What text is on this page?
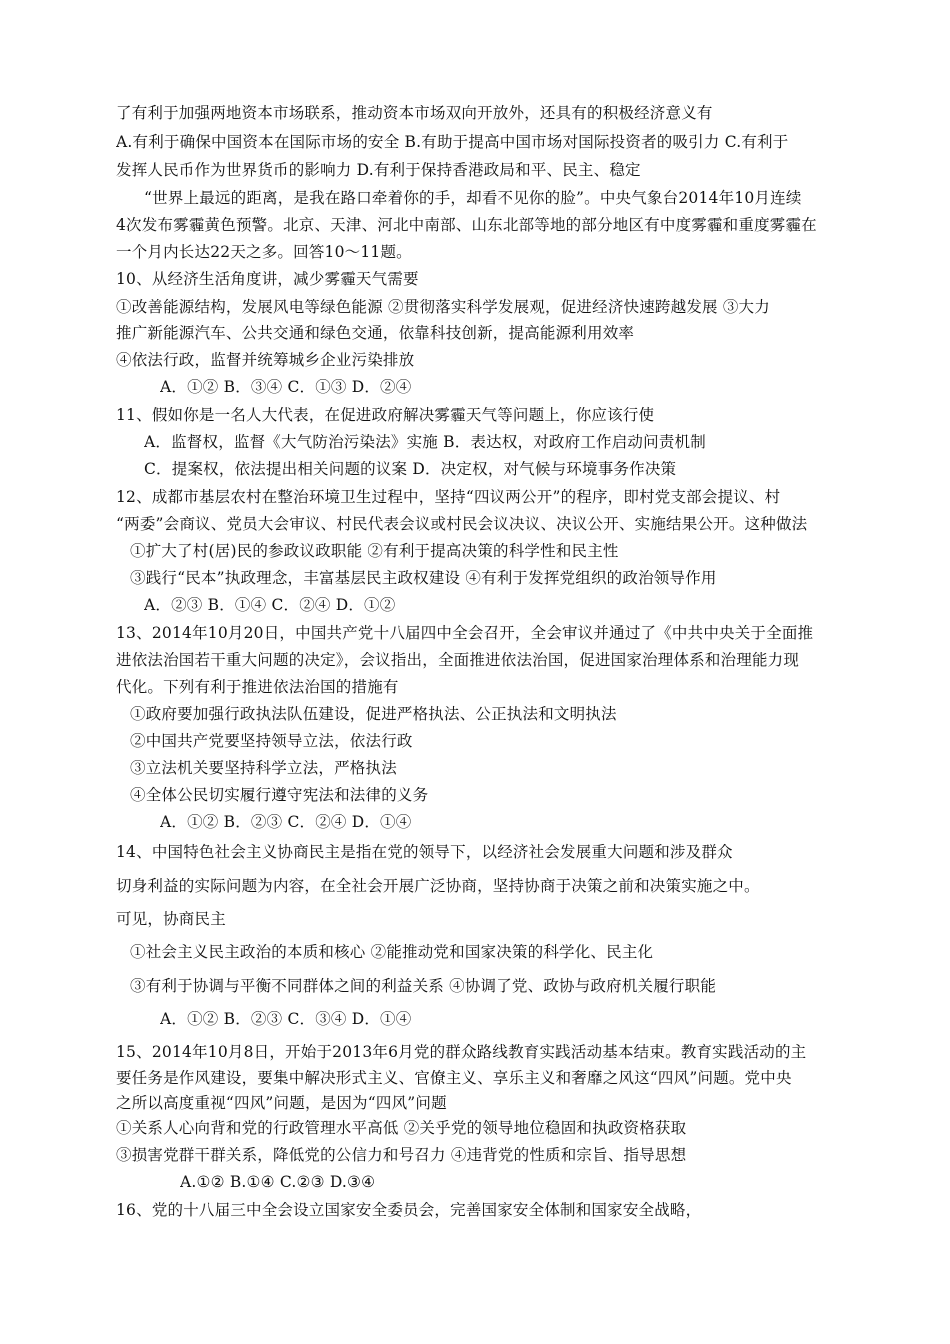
了有利于加强两地资本市场联系，推动资本市场双向开放外，还具有的积极经济意义有
A.有利于确保中国资本在国际市场的安全 B.有助于提高中国市场对国际投资者的吸引力 C.有利于
发挥人民币作为世界货币的影响力 D.有利于保持香港政局和平、民主、稳定
“世界上最远的距离，是我在路口牵着你的手，却看不见你的脸”。中央气象台2014年10月连续
4次发布雾霾黄色预警。北京、天津、河北中南部、山东北部等地的部分地区有中度雾霾和重度雾霾在
一个月内长达22天之多。回答10～11题。
10、从经济生活角度讲，减少雾霾天气需要
①改善能源结构，发展风电等绿色能源 ②贯彻落实科学发展观，促进经济快速跨越发展 ③大力
推广新能源汽车、公共交通和绿色交通，依靠科技创新，提高能源利用效率
④依法行政，监督并统筹城乡企业污染排放
A．①② B．③④ C．①③ D．②④
11、假如你是一名人大代表，在促进政府解决雾霾天气等问题上，你应该行使
A．监督权，监督《大气防治污染法》实施 B．表达权，对政府工作启动问责机制
C．提案权，依法提出相关问题的议案 D．决定权，对气候与环境事务作决策
12、成都市基层农村在整治环境卫生过程中，坚持“四议两公开”的程序，即村党支部会提议、村
“两委”会商议、党员大会审议、村民代表会议或村民会议决议、决议公开、实施结果公开。这种做法
①扩大了村(居)民的参政议政职能 ②有利于提高决策的科学性和民主性
③践行“民本”执政理念，丰富基层民主政权建设 ④有利于发挥党组织的政治领导作用
A．②③ B．①④ C．②④ D．①②
13、2014年10月20日，中国共产党十八届四中全会召开，全会审议并通过了《中共中央关于全面推
进依法治国若干重大问题的决定》，会议指出，全面推进依法治国，促进国家治理体系和治理能力现
代化。下列有利于推进依法治国的措施有
①政府要加强行政执法队伍建设，促进严格执法、公正执法和文明执法
②中国共产党要坚持领导立法，依法行政
③立法机关要坚持科学立法，严格执法
④全体公民切实履行遵守宪法和法律的义务
A．①② B．②③ C．②④ D．①④
14、中国特色社会主义协商民主是指在党的领导下，以经济社会发展重大问题和涉及群众
切身利益的实际问题为内容，在全社会开展广泛协商，坚持协商于决策之前和决策实施之中。
可见，协商民主
①社会主义民主政治的本质和核心 ②能推动党和国家决策的科学化、民主化
③有利于协调与平衡不同群体之间的利益关系 ④协调了党、政协与政府机关履行职能
A．①② B．②③ C．③④ D．①④
15、2014年10月8日，开始于2013年6月党的群众路线教育实践活动基本结束。教育实践活动的主
要任务是作风建设，要集中解决形式主义、官僚主义、享乐主义和奢靡之风这“四风”问题。党中央
之所以高度重视“四风”问题，是因为“四风”问题
①关系人心向背和党的行政管理水平高低 ②关乎党的领导地位稳固和执政资格获取
③损害党群干群关系，降低党的公信力和号召力 ④违背党的性质和宗旨、指导思想
A.①② B.①④ C.②③ D.③④
16、党的十八届三中全会设立国家安全委员会，完善国家安全体制和国家安全战略，
